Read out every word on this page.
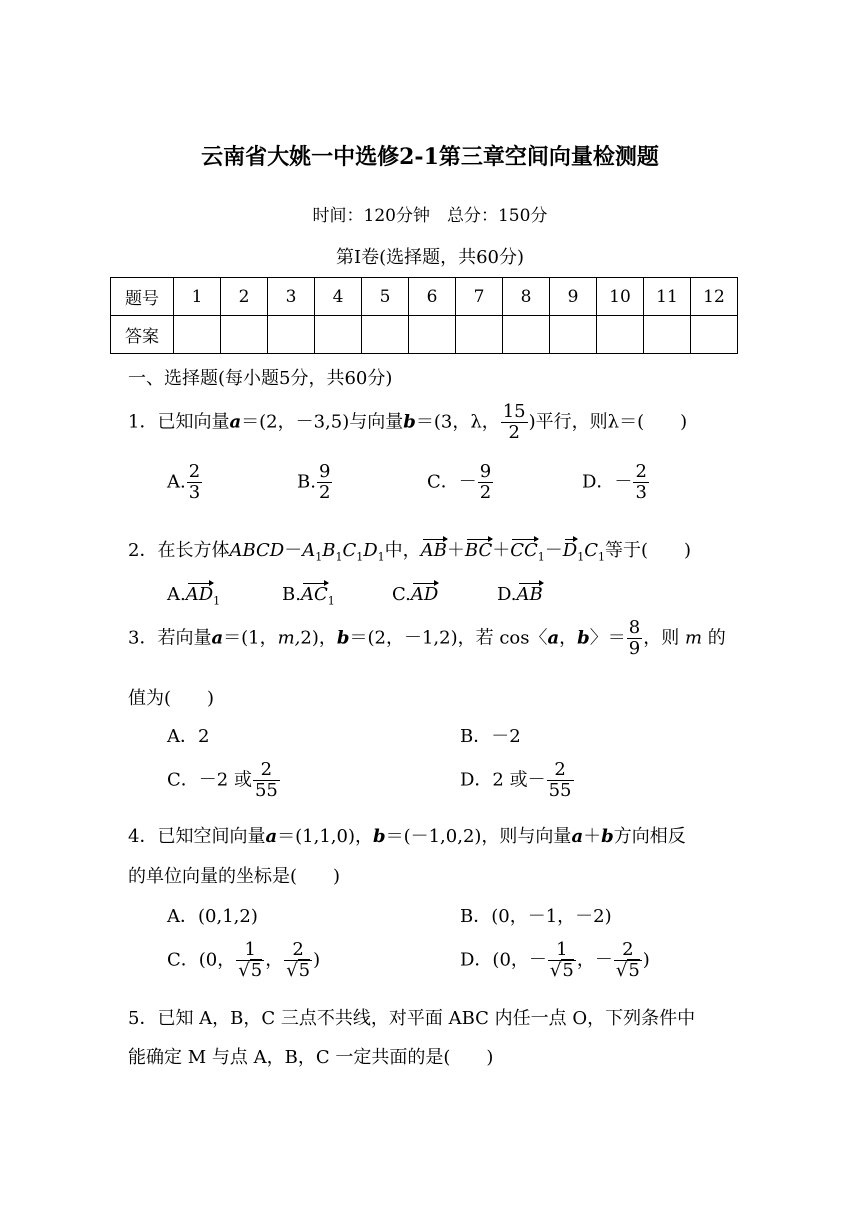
云南省大姚一中选修2-1第三章空间向量检测题
时间：120分钟　总分：150分
第Ⅰ卷(选择题，共60分)
题号	1	2	3	4	5	6	7	8	9	10	11	12
答案												
一、选择题(每小题5分，共60分)
1．已知向量a＝(2，－3,5)与向量b＝(3，λ， $\frac{15}{2}$ )平行，则λ＝(　　)
A. $\frac{2}{3}$	B. $\frac{9}{2}$	C．－ $\frac{9}{2}$	D．－ $\frac{2}{3}$
2．在长方体$ABCD-A_1B_1C_1D_1$中，$AB+BC+CC_1-D_1C_1$等于(　　)
$A.AD_1$	$B.AC_1$	C.AD	D.AB
3．若向量a＝(1，m,2)，b＝(2，－1,2)，若 cos〈a，b〉＝ $\frac{8}{9}$ ，则 m 的
值为(　　)
A．2	B．－2
C．－2 或 $\frac{2}{55}$	D．2 或－ $\frac{2}{55}$
4．已知空间向量a＝(1,1,0)，b＝(－1,0,2)，则与向量a＋b方向相反
的单位向量的坐标是(　　)
A．(0,1,2)	B．(0，－1，－2)
C．(0， $\frac{1}{√5}$ ， $\frac{2}{√5}$ )	D．(0，－ $\frac{1}{√5}$ ，－ $\frac{2}{√5}$ )
5．已知 A，B，C 三点不共线，对平面 ABC 内任一点 O，下列条件中
能确定 M 与点 A，B，C 一定共面的是(　　)
